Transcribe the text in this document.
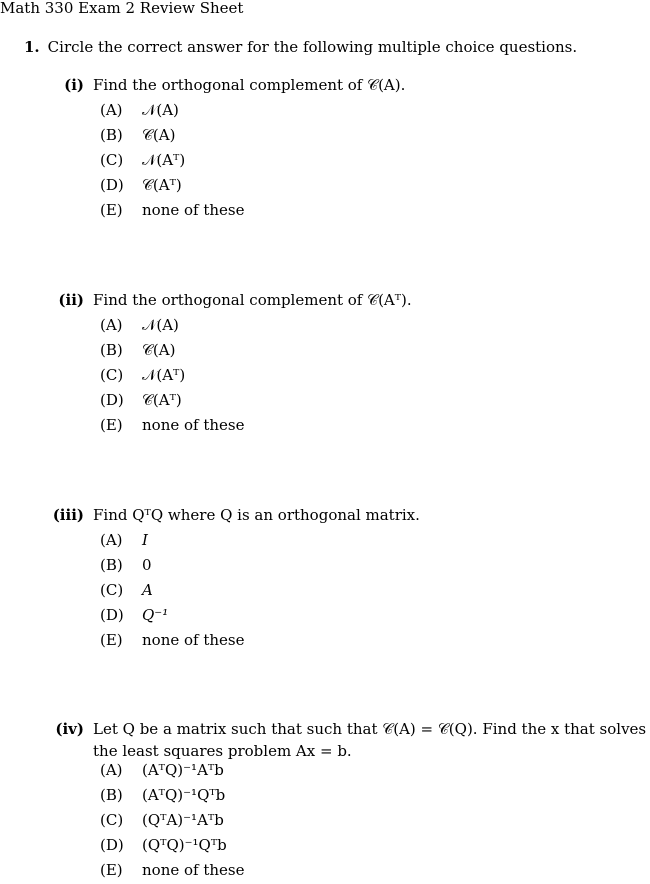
Math 330 Exam 2 Review Sheet
1. Circle the correct answer for the following multiple choice questions.
(i) Find the orthogonal complement of 𝒞(A).
(A) 𝒩(A)
(B) 𝒞(A)
(C) 𝒩(Aᵀ)
(D) 𝒞(Aᵀ)
(E) none of these
(ii) Find the orthogonal complement of 𝒞(Aᵀ).
(A) 𝒩(A)
(B) 𝒞(A)
(C) 𝒩(Aᵀ)
(D) 𝒞(Aᵀ)
(E) none of these
(iii) Find QᵀQ where Q is an orthogonal matrix.
(A) I
(B) 0
(C) A
(D) Q⁻¹
(E) none of these
(iv) Let Q be a matrix such that such that 𝒞(A) = 𝒞(Q). Find the x that solves the least squares problem Ax = b.
(A) (AᵀQ)⁻¹Aᵀb
(B) (AᵀQ)⁻¹Qᵀb
(C) (QᵀA)⁻¹Aᵀb
(D) (QᵀQ)⁻¹Qᵀb
(E) none of these
